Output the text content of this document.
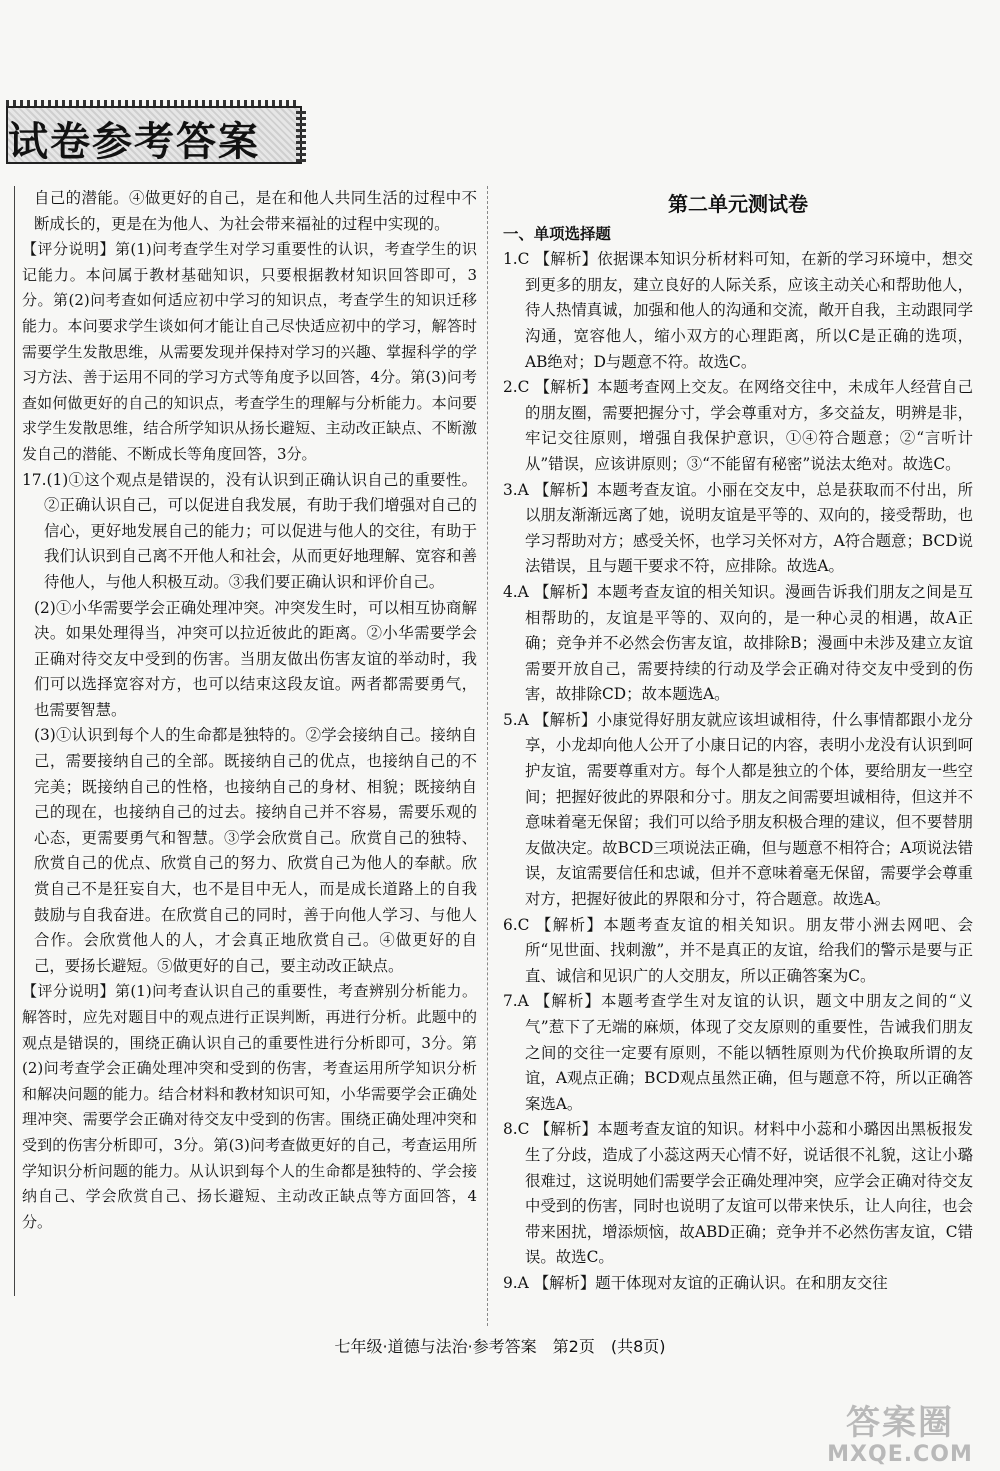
试卷参考答案

自己的潜能。④做更好的自己，是在和他人共同生活的过程中不断成长的，更是在为他人、为社会带来福祉的过程中实现的。

【评分说明】第(1)问考查学生对学习重要性的认识，考查学生的识记能力。本问属于教材基础知识，只要根据教材知识回答即可，3分。第(2)问考查如何适应初中学习的知识点，考查学生的知识迁移能力。本问要求学生谈如何才能让自己尽快适应初中的学习，解答时需要学生发散思维，从需要发现并保持对学习的兴趣、掌握科学的学习方法、善于运用不同的学习方式等角度予以回答，4分。第(3)问考查如何做更好的自己的知识点，考查学生的理解与分析能力。本问要求学生发散思维，结合所学知识从扬长避短、主动改正缺点、不断激发自己的潜能、不断成长等角度回答，3分。

17.(1)①这个观点是错误的，没有认识到正确认识自己的重要性。②正确认识自己，可以促进自我发展，有助于我们增强对自己的信心，更好地发展自己的能力；可以促进与他人的交往，有助于我们认识到自己离不开他人和社会，从而更好地理解、宽容和善待他人，与他人积极互动。③我们要正确认识和评价自己。

(2)①小华需要学会正确处理冲突。冲突发生时，可以相互协商解决。如果处理得当，冲突可以拉近彼此的距离。②小华需要学会正确对待交友中受到的伤害。当朋友做出伤害友谊的举动时，我们可以选择宽容对方，也可以结束这段友谊。两者都需要勇气，也需要智慧。

(3)①认识到每个人的生命都是独特的。②学会接纳自己。接纳自己，需要接纳自己的全部。既接纳自己的优点，也接纳自己的不完美；既接纳自己的性格，也接纳自己的身材、相貌；既接纳自己的现在，也接纳自己的过去。接纳自己并不容易，需要乐观的心态，更需要勇气和智慧。③学会欣赏自己。欣赏自己的独特、欣赏自己的优点、欣赏自己的努力、欣赏自己为他人的奉献。欣赏自己不是狂妄自大，也不是目中无人，而是成长道路上的自我鼓励与自我奋进。在欣赏自己的同时，善于向他人学习、与他人合作。会欣赏他人的人，才会真正地欣赏自己。④做更好的自己，要扬长避短。⑤做更好的自己，要主动改正缺点。

【评分说明】第(1)问考查认识自己的重要性，考查辨别分析能力。解答时，应先对题目中的观点进行正误判断，再进行分析。此题中的观点是错误的，围绕正确认识自己的重要性进行分析即可，3分。第(2)问考查学会正确处理冲突和受到的伤害，考查运用所学知识分析和解决问题的能力。结合材料和教材知识可知，小华需要学会正确处理冲突、需要学会正确对待交友中受到的伤害。围绕正确处理冲突和受到的伤害分析即可，3分。第(3)问考查做更好的自己，考查运用所学知识分析问题的能力。从认识到每个人的生命都是独特的、学会接纳自己、学会欣赏自己、扬长避短、主动改正缺点等方面回答，4分。

第二单元测试卷

一、单项选择题

1.C 【解析】依据课本知识分析材料可知，在新的学习环境中，想交到更多的朋友，建立良好的人际关系，应该主动关心和帮助他人，待人热情真诚，加强和他人的沟通和交流，敞开自我，主动跟同学沟通，宽容他人，缩小双方的心理距离，所以C是正确的选项，AB绝对；D与题意不符。故选C。

2.C 【解析】本题考查网上交友。在网络交往中，未成年人经营自己的朋友圈，需要把握分寸，学会尊重对方，多交益友，明辨是非，牢记交往原则，增强自我保护意识，①④符合题意；②“言听计从”错误，应该讲原则；③“不能留有秘密”说法太绝对。故选C。

3.A 【解析】本题考查友谊。小丽在交友中，总是获取而不付出，所以朋友渐渐远离了她，说明友谊是平等的、双向的，接受帮助，也学习帮助对方；感受关怀，也学习关怀对方，A符合题意；BCD说法错误，且与题干要求不符，应排除。故选A。

4.A 【解析】本题考查友谊的相关知识。漫画告诉我们朋友之间是互相帮助的，友谊是平等的、双向的，是一种心灵的相遇，故A正确；竞争并不必然会伤害友谊，故排除B；漫画中未涉及建立友谊需要开放自己，需要持续的行动及学会正确对待交友中受到的伤害，故排除CD；故本题选A。

5.A 【解析】小康觉得好朋友就应该坦诚相待，什么事情都跟小龙分享，小龙却向他人公开了小康日记的内容，表明小龙没有认识到呵护友谊，需要尊重对方。每个人都是独立的个体，要给朋友一些空间；把握好彼此的界限和分寸。朋友之间需要坦诚相待，但这并不意味着毫无保留；我们可以给予朋友积极合理的建议，但不要替朋友做决定。故BCD三项说法正确，但与题意不相符合；A项说法错误，友谊需要信任和忠诚，但并不意味着毫无保留，需要学会尊重对方，把握好彼此的界限和分寸，符合题意。故选A。

6.C 【解析】本题考查友谊的相关知识。朋友带小洲去网吧、会所“见世面、找刺激”，并不是真正的友谊，给我们的警示是要与正直、诚信和见识广的人交朋友，所以正确答案为C。

7.A 【解析】本题考查学生对友谊的认识，题文中朋友之间的“义气”惹下了无端的麻烦，体现了交友原则的重要性，告诫我们朋友之间的交往一定要有原则，不能以牺牲原则为代价换取所谓的友谊，A观点正确；BCD观点虽然正确，但与题意不符，所以正确答案选A。

8.C 【解析】本题考查友谊的知识。材料中小蕊和小璐因出黑板报发生了分歧，造成了小蕊这两天心情不好，说话很不礼貌，这让小璐很难过，这说明她们需要学会正确处理冲突，应学会正确对待交友中受到的伤害，同时也说明了友谊可以带来快乐，让人向往，也会带来困扰，增添烦恼，故ABD正确；竞争并不必然伤害友谊，C错误。故选C。

9.A 【解析】题干体现对友谊的正确认识。在和朋友交往

七年级·道德与法治·参考答案　第2页　(共8页)
答案圈
MXQE.COM
